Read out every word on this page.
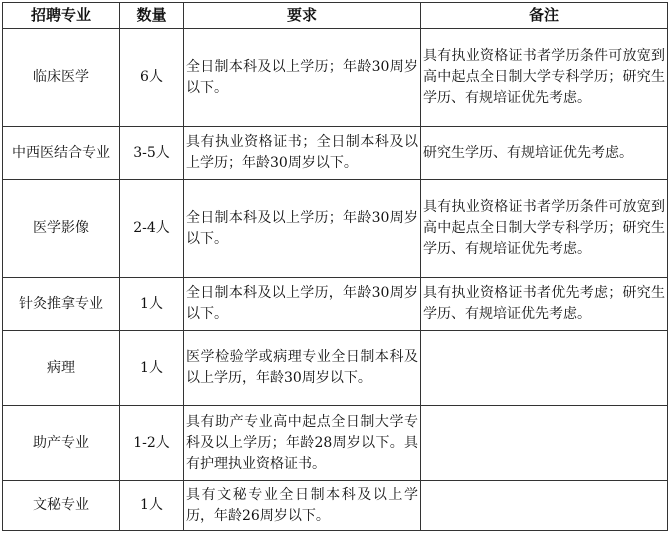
招聘专业	数量	要求	备注
临床医学	6人	全日制本科及以上学历；年龄30周岁以下。	具有执业资格证书者学历条件可放宽到高中起点全日制大学专科学历；研究生学历、有规培证优先考虑。
中西医结合专业	3-5人	具有执业资格证书；全日制本科及以上学历；年龄30周岁以下。	研究生学历、有规培证优先考虑。
医学影像	2-4人	全日制本科及以上学历；年龄30周岁以下。	具有执业资格证书者学历条件可放宽到高中起点全日制大学专科学历；研究生学历、有规培证优先考虑。
针灸推拿专业	1人	全日制本科及以上学历，年龄30周岁以下。	具有执业资格证书者优先考虑；研究生学历、有规培证优先考虑。
病理	1人	医学检验学或病理专业全日制本科及以上学历，年龄30周岁以下。	
助产专业	1-2人	具有助产专业高中起点全日制大学专科及以上学历；年龄28周岁以下。具有护理执业资格证书。	
文秘专业	1人	具有文秘专业全日制本科及以上学历，年龄26周岁以下。	
